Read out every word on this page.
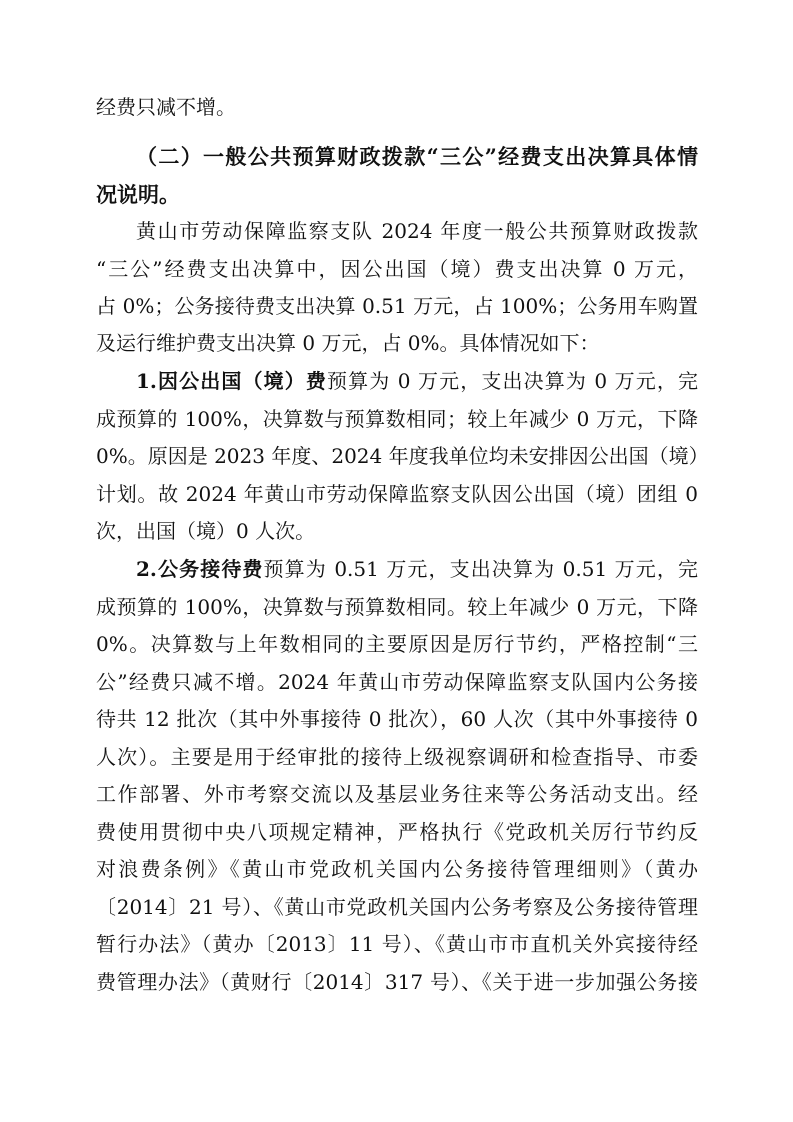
经费只减不增。
（二）一般公共预算财政拨款“三公”经费支出决算具体情
况说明。
黄山市劳动保障监察支队 2024 年度一般公共预算财政拨款
“三公”经费支出决算中，因公出国（境）费支出决算 0 万元，
占 0%；公务接待费支出决算 0.51 万元，占 100%；公务用车购置
及运行维护费支出决算 0 万元，占 0%。具体情况如下：
1.因公出国（境）费预算为 0 万元，支出决算为 0 万元，完
成预算的 100%，决算数与预算数相同；较上年减少 0 万元，下降
0%。原因是 2023 年度、2024 年度我单位均未安排因公出国（境）
计划。故 2024 年黄山市劳动保障监察支队因公出国（境）团组 0
次，出国（境）0 人次。
2.公务接待费预算为 0.51 万元，支出决算为 0.51 万元，完
成预算的 100%，决算数与预算数相同。较上年减少 0 万元，下降
0%。决算数与上年数相同的主要原因是厉行节约，严格控制“三
公”经费只减不增。2024 年黄山市劳动保障监察支队国内公务接
待共 12 批次（其中外事接待 0 批次），60 人次（其中外事接待 0
人次）。主要是用于经审批的接待上级视察调研和检查指导、市委
工作部署、外市考察交流以及基层业务往来等公务活动支出。经
费使用贯彻中央八项规定精神，严格执行《党政机关厉行节约反
对浪费条例》《黄山市党政机关国内公务接待管理细则》（黄办
〔2014〕21 号）、《黄山市党政机关国内公务考察及公务接待管理
暂行办法》（黄办〔2013〕11 号）、《黄山市市直机关外宾接待经
费管理办法》（黄财行〔2014〕317 号）、《关于进一步加强公务接
